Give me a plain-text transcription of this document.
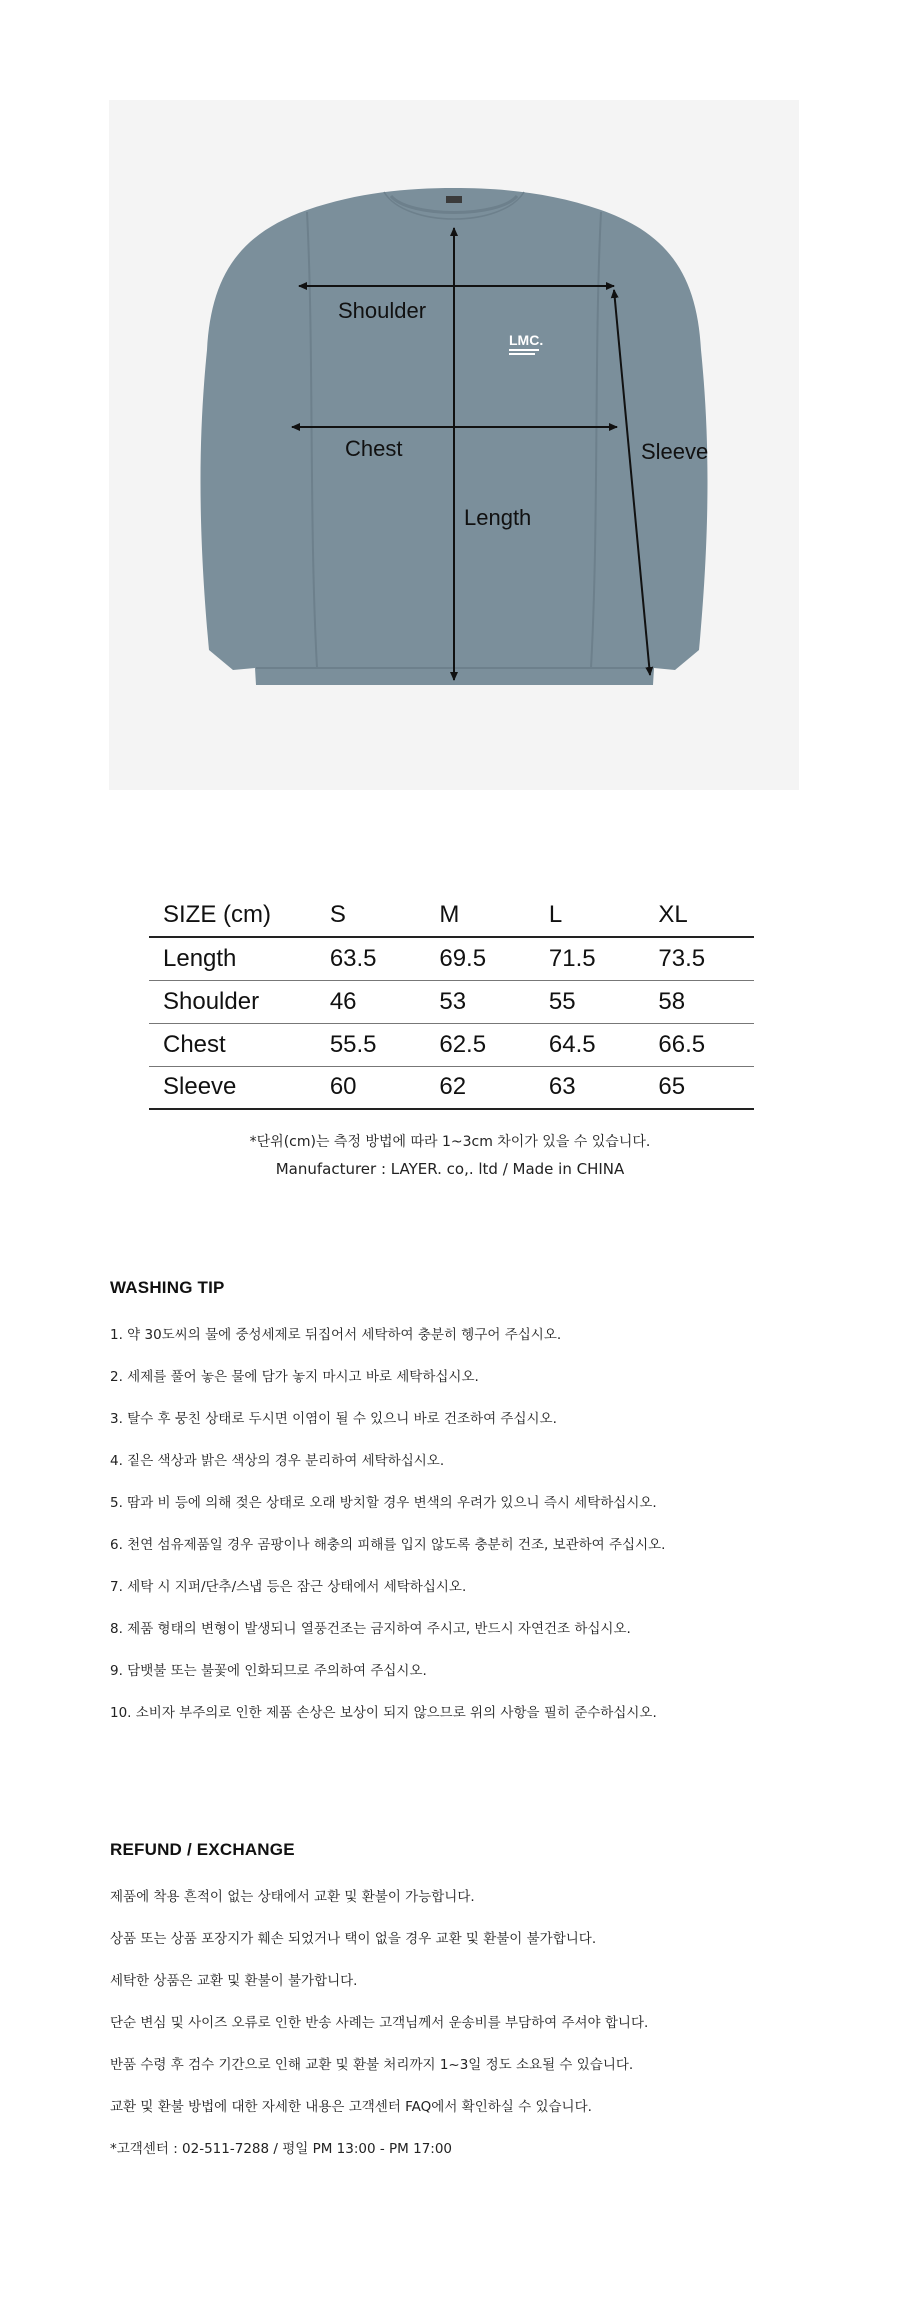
LMC.
Shoulder
Chest
Length
Sleeve
SIZE (cm)	S	M	L	XL
Length	63.5	69.5	71.5	73.5
Shoulder	46	53	55	58
Chest	55.5	62.5	64.5	66.5
Sleeve	60	62	63	65
*단위(cm)는 측정 방법에 따라 1~3cm 차이가 있을 수 있습니다.
Manufacturer : LAYER. co,. ltd / Made in CHINA
WASHING TIP
1. 약 30도씨의 물에 중성세제로 뒤집어서 세탁하여 충분히 헹구어 주십시오.
2. 세제를 풀어 놓은 물에 담가 놓지 마시고 바로 세탁하십시오.
3. 탈수 후 뭉친 상태로 두시면 이염이 될 수 있으니 바로 건조하여 주십시오.
4. 짙은 색상과 밝은 색상의 경우 분리하여 세탁하십시오.
5. 땀과 비 등에 의해 젖은 상태로 오래 방치할 경우 변색의 우려가 있으니 즉시 세탁하십시오.
6. 천연 섬유제품일 경우 곰팡이나 해충의 피해를 입지 않도록 충분히 건조, 보관하여 주십시오.
7. 세탁 시 지퍼/단추/스냅 등은 잠근 상태에서 세탁하십시오.
8. 제품 형태의 변형이 발생되니 열풍건조는 금지하여 주시고, 반드시 자연건조 하십시오.
9. 담뱃불 또는 불꽃에 인화되므로 주의하여 주십시오.
10. 소비자 부주의로 인한 제품 손상은 보상이 되지 않으므로 위의 사항을 필히 준수하십시오.
REFUND / EXCHANGE
제품에 착용 흔적이 없는 상태에서 교환 및 환불이 가능합니다.
상품 또는 상품 포장지가 훼손 되었거나 택이 없을 경우 교환 및 환불이 불가합니다.
세탁한 상품은 교환 및 환불이 불가합니다.
단순 변심 및 사이즈 오류로 인한 반송 사례는 고객님께서 운송비를 부담하여 주셔야 합니다.
반품 수령 후 검수 기간으로 인해 교환 및 환불 처리까지 1~3일 정도 소요될 수 있습니다.
교환 및 환불 방법에 대한 자세한 내용은 고객센터 FAQ에서 확인하실 수 있습니다.
*고객센터 : 02-511-7288 / 평일 PM 13:00 - PM 17:00
